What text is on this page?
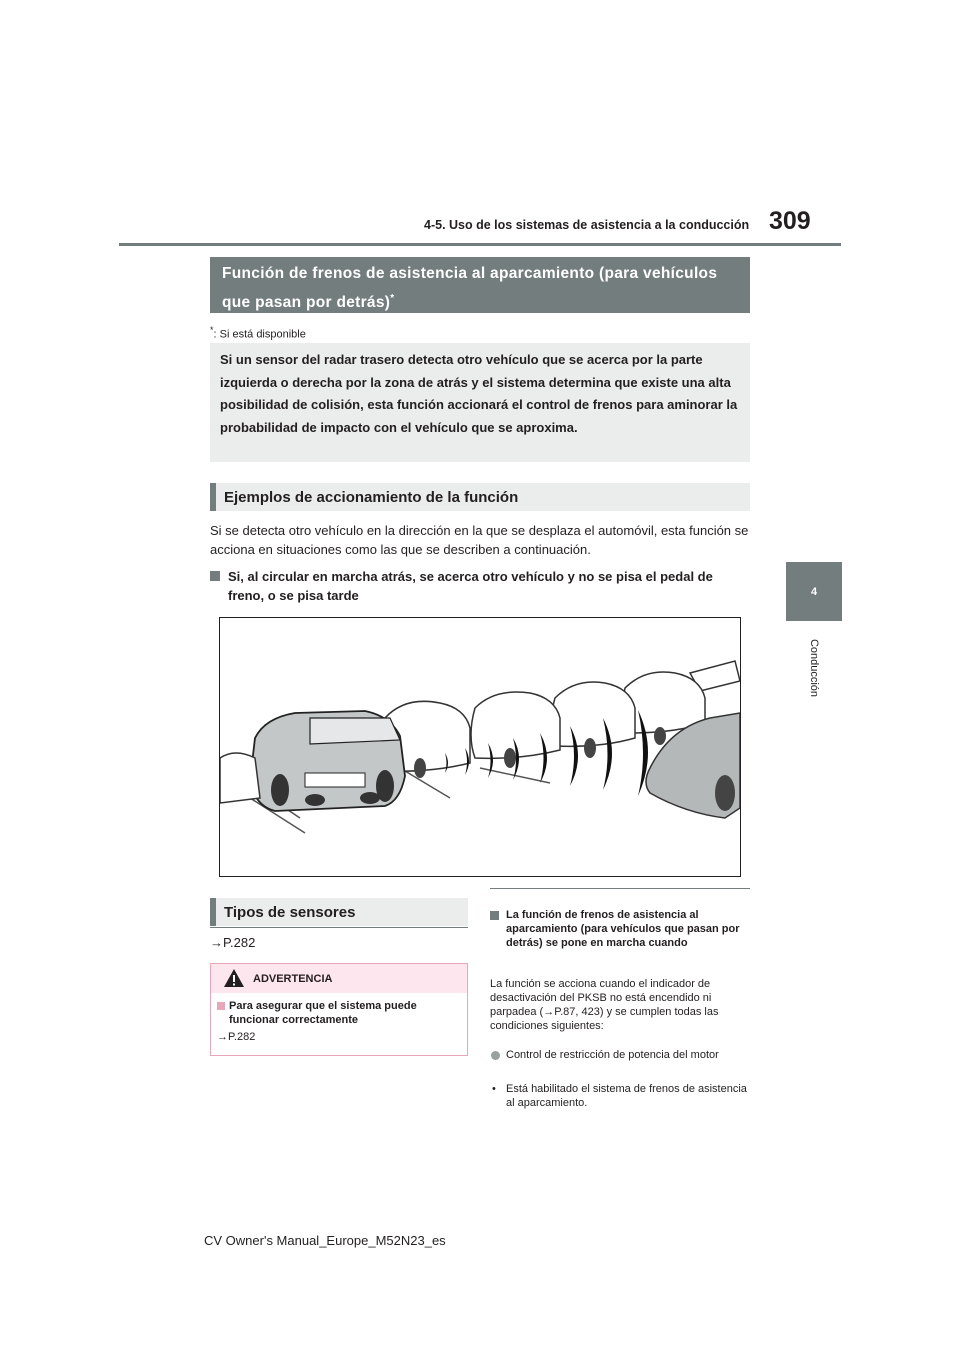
4-5. Uso de los sistemas de asistencia a la conducción 309
4
Conducción
Función de frenos de asistencia al aparcamiento (para vehículos que pasan por detrás)*
*: Si está disponible
Si un sensor del radar trasero detecta otro vehículo que se acerca por la parte izquierda o derecha por la zona de atrás y el sistema determina que existe una alta posibilidad de colisión, esta función accionará el control de frenos para aminorar la probabilidad de impacto con el vehículo que se aproxima.
Ejemplos de accionamiento de la función
Si se detecta otro vehículo en la dirección en la que se desplaza el automóvil, esta función se acciona en situaciones como las que se describen a continuación.
Si, al circular en marcha atrás, se acerca otro vehículo y no se pisa el pedal de freno, o se pisa tarde
Tipos de sensores
→P.282
ADVERTENCIA
Para asegurar que el sistema puede funcionar correctamente
→P.282
La función de frenos de asistencia al aparcamiento (para vehículos que pasan por detrás) se pone en marcha cuando
La función se acciona cuando el indicador de desactivación del PKSB no está encendido ni parpadea (→P.87, 423) y se cumplen todas las condiciones siguientes:
Control de restricción de potencia del motor
• Está habilitado el sistema de frenos de asistencia al aparcamiento.
CV Owner's Manual_Europe_M52N23_es
